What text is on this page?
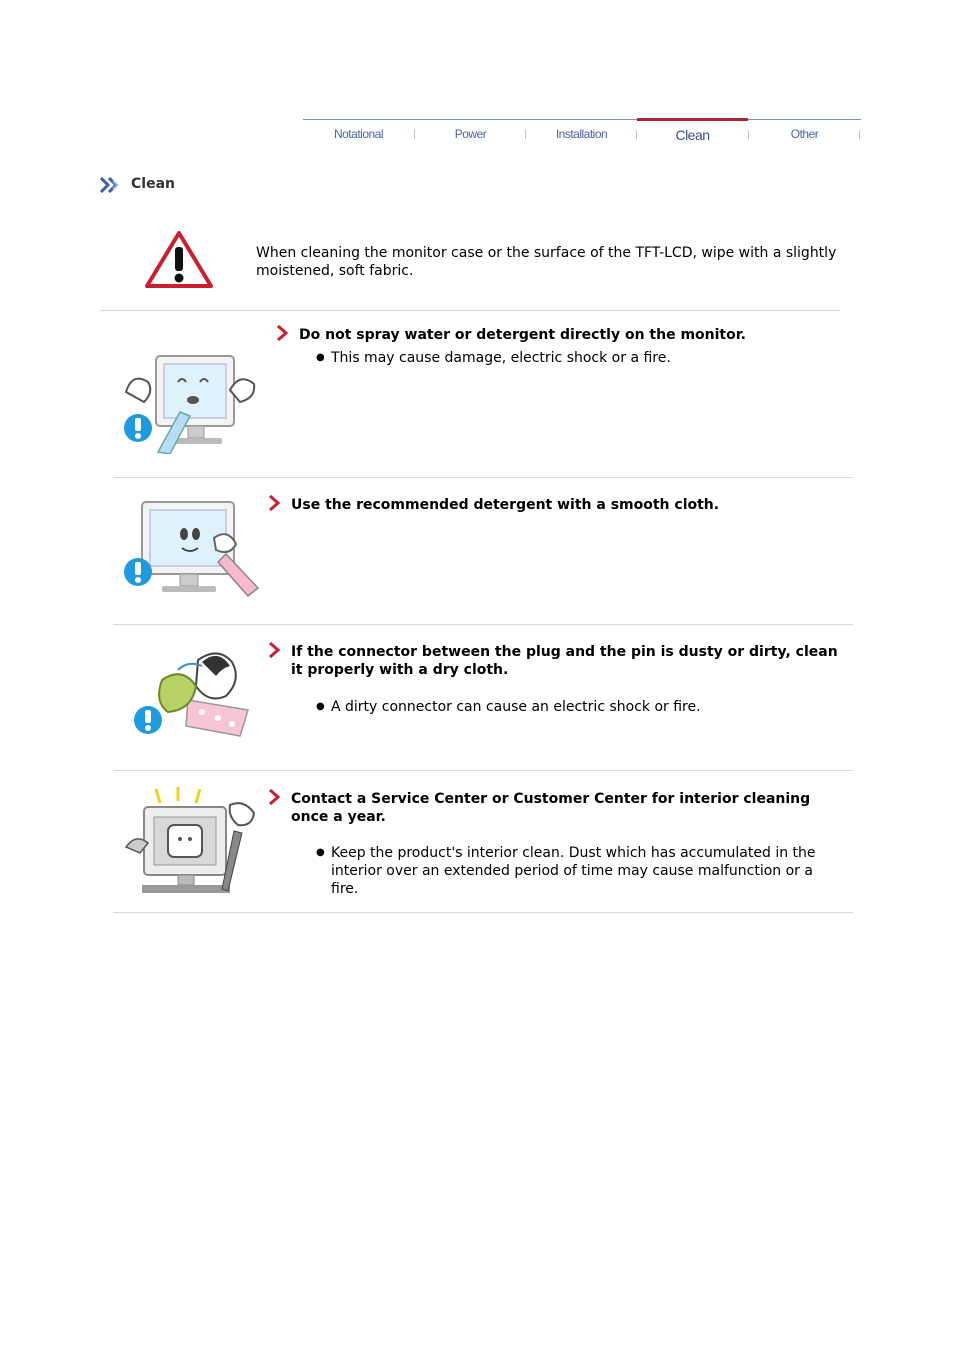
Notational	Power	Installation	Clean	Other
Clean
When cleaning the monitor case or the surface of the TFT-LCD, wipe with a slightly moistened, soft fabric.
Do not spray water or detergent directly on the monitor.
● This may cause damage, electric shock or a fire.
Use the recommended detergent with a smooth cloth.
If the connector between the plug and the pin is dusty or dirty, clean it properly with a dry cloth.
● A dirty connector can cause an electric shock or fire.
Contact a Service Center or Customer Center for interior cleaning once a year.
● Keep the product's interior clean. Dust which has accumulated in the interior over an extended period of time may cause malfunction or a fire.
